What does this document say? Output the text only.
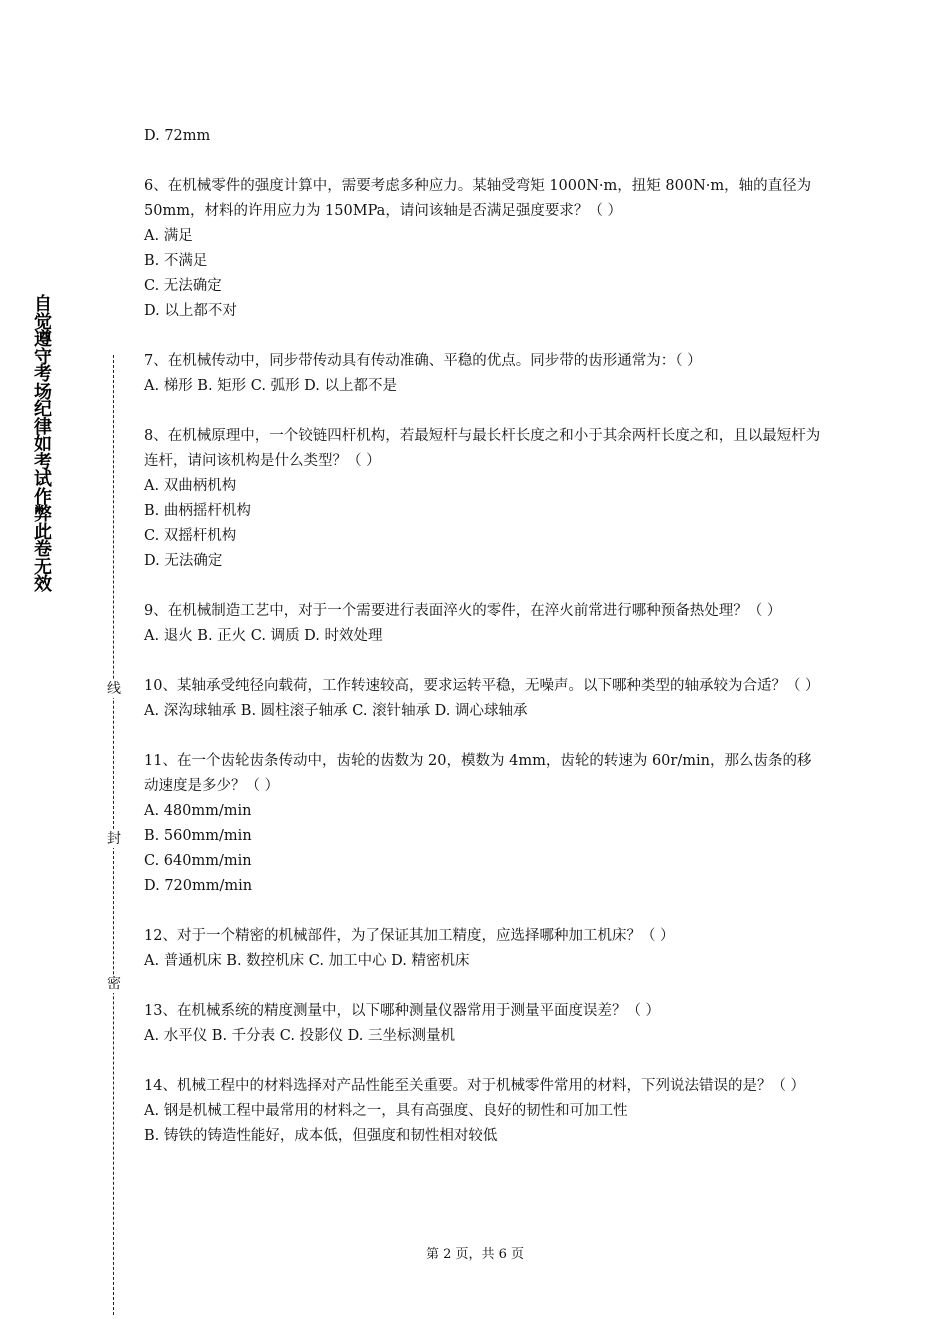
自觉遵守考场纪律如考试作弊此卷无效
线
封
密
D. 72mm
6、在机械零件的强度计算中，需要考虑多种应力。某轴受弯矩 1000N·m，扭矩 800N·m，轴的直径为 50mm，材料的许用应力为 150MPa，请问该轴是否满足强度要求？（ ）
A. 满足
B. 不满足
C. 无法确定
D. 以上都不对
7、在机械传动中，同步带传动具有传动准确、平稳的优点。同步带的齿形通常为：（ ）
A. 梯形 B. 矩形 C. 弧形 D. 以上都不是
8、在机械原理中，一个铰链四杆机构，若最短杆与最长杆长度之和小于其余两杆长度之和，且以最短杆为连杆，请问该机构是什么类型？（ ）
A. 双曲柄机构
B. 曲柄摇杆机构
C. 双摇杆机构
D. 无法确定
9、在机械制造工艺中，对于一个需要进行表面淬火的零件，在淬火前常进行哪种预备热处理？（ ）
A. 退火 B. 正火 C. 调质 D. 时效处理
10、某轴承受纯径向载荷，工作转速较高，要求运转平稳，无噪声。以下哪种类型的轴承较为合适？（ ）
A. 深沟球轴承 B. 圆柱滚子轴承 C. 滚针轴承 D. 调心球轴承
11、在一个齿轮齿条传动中，齿轮的齿数为 20，模数为 4mm，齿轮的转速为 60r/min，那么齿条的移动速度是多少？（ ）
A. 480mm/min
B. 560mm/min
C. 640mm/min
D. 720mm/min
12、对于一个精密的机械部件，为了保证其加工精度，应选择哪种加工机床？（ ）
A. 普通机床 B. 数控机床 C. 加工中心 D. 精密机床
13、在机械系统的精度测量中，以下哪种测量仪器常用于测量平面度误差？（ ）
A. 水平仪 B. 千分表 C. 投影仪 D. 三坐标测量机
14、机械工程中的材料选择对产品性能至关重要。对于机械零件常用的材料，下列说法错误的是？（ ）
A. 钢是机械工程中最常用的材料之一，具有高强度、良好的韧性和可加工性
B. 铸铁的铸造性能好，成本低，但强度和韧性相对较低
第 2 页，共 6 页
